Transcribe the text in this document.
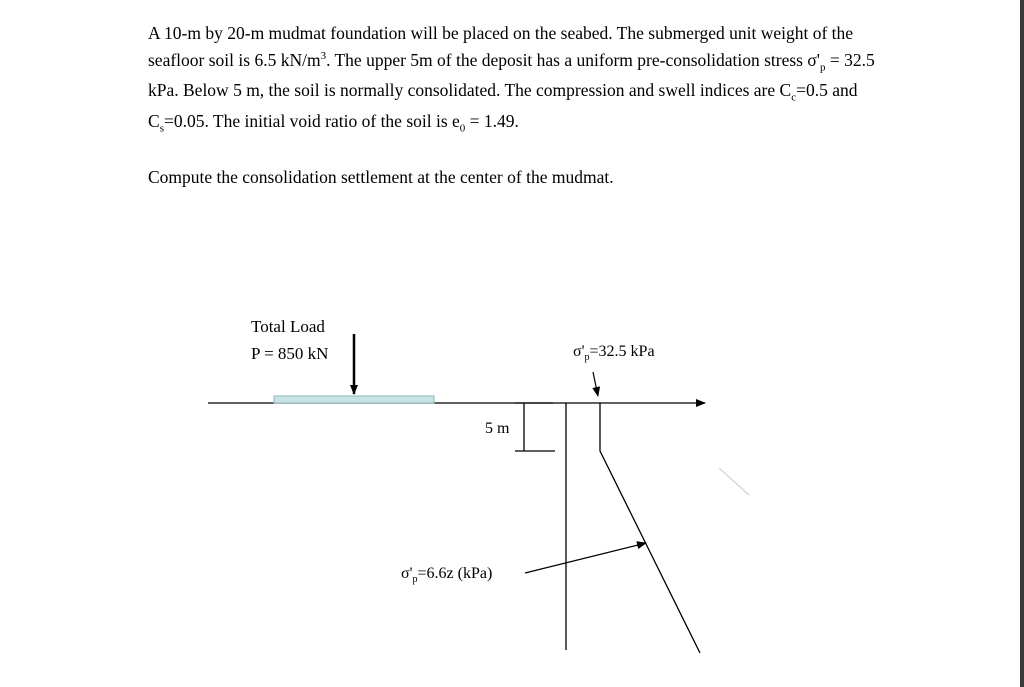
A 10-m by 20-m mudmat foundation will be placed on the seabed. The submerged unit weight of the seafloor soil is 6.5 $kN/m^3$. The upper 5m of the deposit has a uniform pre-consolidation stress $\sigma'_p = 32.5$ kPa. Below 5 m, the soil is normally consolidated. The compression and swell indices are $C_c=0.5$ and $C_s=0.05$. The initial void ratio of the soil is $e_0 = 1.49$.

Compute the consolidation settlement at the center of the mudmat.

Total Load
P = 850 kN
5 m
$\sigma'_p=32.5$ kPa
$\sigma'_p=6.6z$ (kPa)
